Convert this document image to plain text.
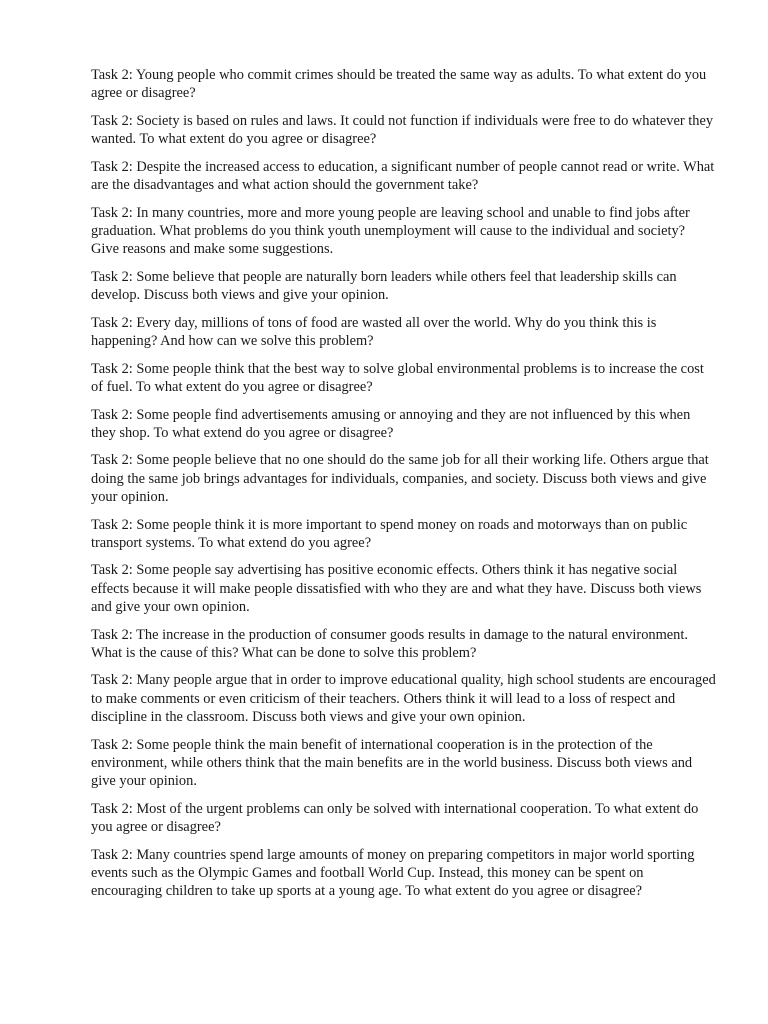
Task 2: Young people who commit crimes should be treated the same way as adults. To what extent do you agree or disagree?

Task 2: Society is based on rules and laws. It could not function if individuals were free to do whatever they wanted. To what extent do you agree or disagree?

Task 2: Despite the increased access to education, a significant number of people cannot read or write. What are the disadvantages and what action should the government take?

Task 2: In many countries, more and more young people are leaving school and unable to find jobs after graduation. What problems do you think youth unemployment will cause to the individual and society? Give reasons and make some suggestions.

Task 2: Some believe that people are naturally born leaders while others feel that leadership skills can develop. Discuss both views and give your opinion.

Task 2: Every day, millions of tons of food are wasted all over the world. Why do you think this is happening? And how can we solve this problem?

Task 2: Some people think that the best way to solve global environmental problems is to increase the cost of fuel. To what extent do you agree or disagree?

Task 2: Some people find advertisements amusing or annoying and they are not influenced by this when they shop. To what extend do you agree or disagree?

Task 2: Some people believe that no one should do the same job for all their working life. Others argue that doing the same job brings advantages for individuals, companies, and society. Discuss both views and give your opinion.

Task 2: Some people think it is more important to spend money on roads and motorways than on public transport systems. To what extend do you agree?

Task 2: Some people say advertising has positive economic effects. Others think it has negative social effects because it will make people dissatisfied with who they are and what they have. Discuss both views and give your own opinion.

Task 2: The increase in the production of consumer goods results in damage to the natural environment. What is the cause of this? What can be done to solve this problem?

Task 2: Many people argue that in order to improve educational quality, high school students are encouraged to make comments or even criticism of their teachers. Others think it will lead to a loss of respect and discipline in the classroom. Discuss both views and give your own opinion.

Task 2: Some people think the main benefit of international cooperation is in the protection of the environment, while others think that the main benefits are in the world business. Discuss both views and give your opinion.

Task 2: Most of the urgent problems can only be solved with international cooperation. To what extent do you agree or disagree?

Task 2: Many countries spend large amounts of money on preparing competitors in major world sporting events such as the Olympic Games and football World Cup. Instead, this money can be spent on encouraging children to take up sports at a young age. To what extent do you agree or disagree?
